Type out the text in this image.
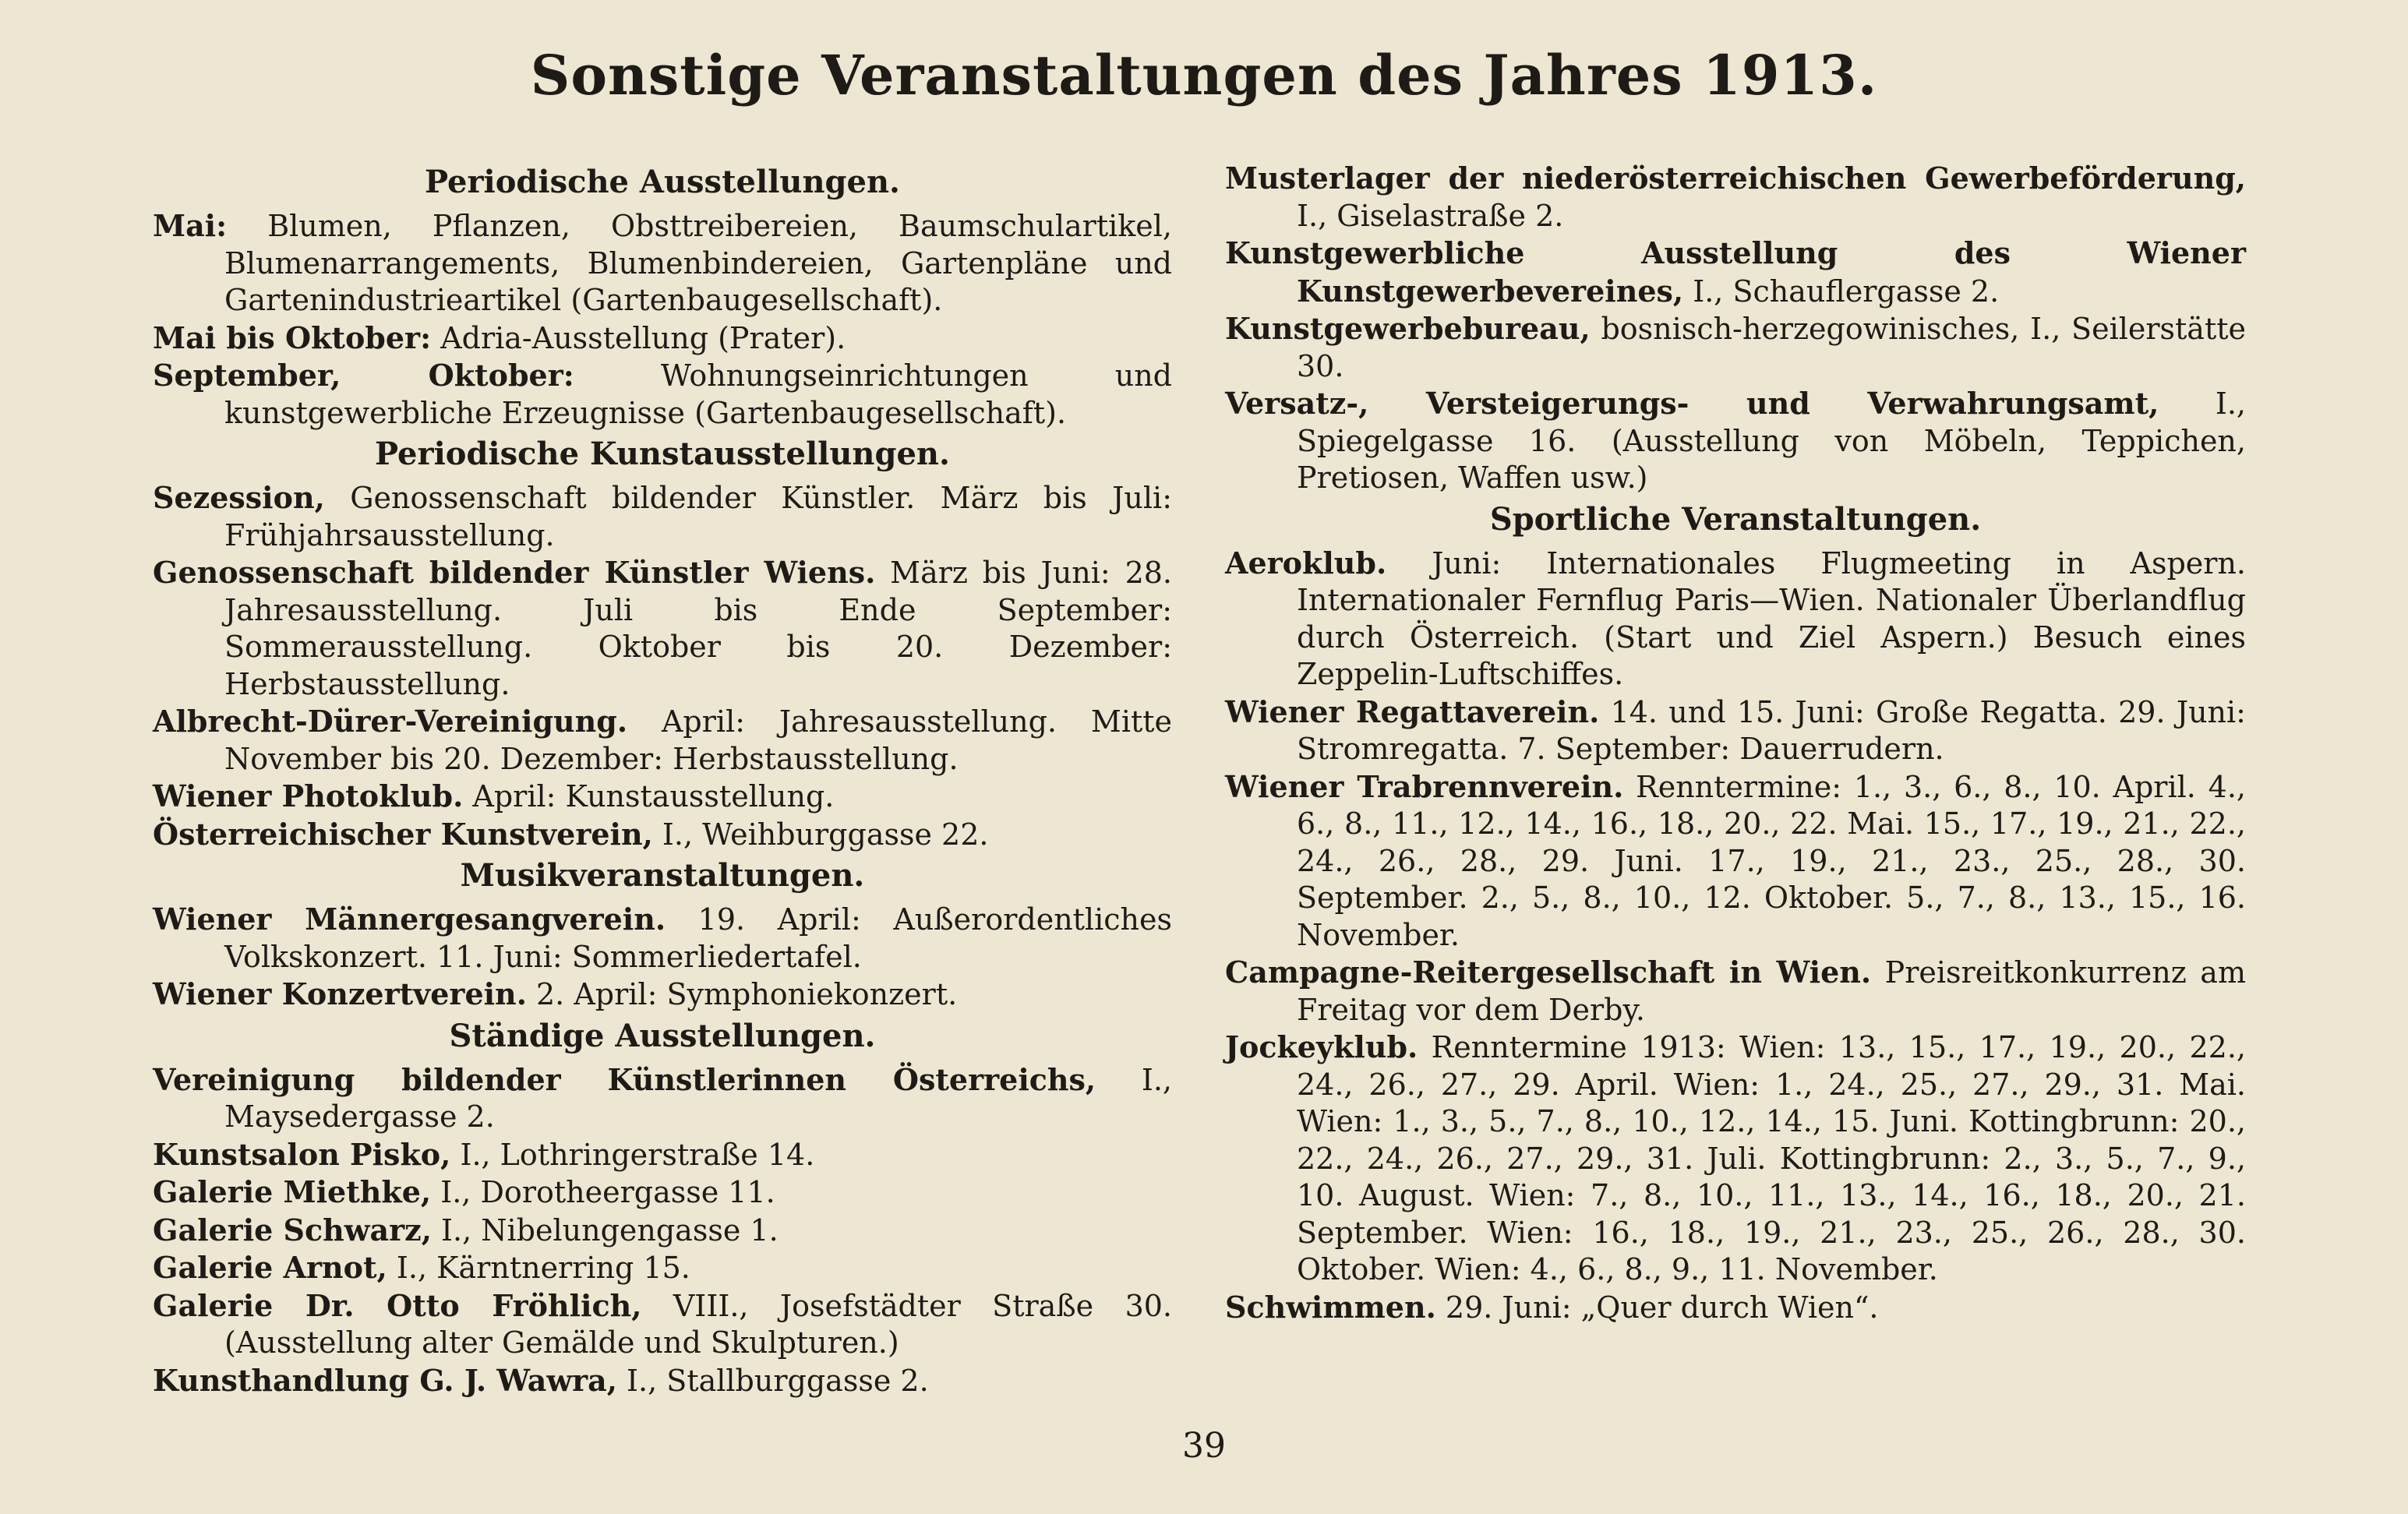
Sonstige Veranstaltungen des Jahres 1913.
Periodische Ausstellungen.

Mai: Blumen, Pflanzen, Obsttreibereien, Baumschulartikel, Blumenarrangements, Blumenbindereien, Gartenpläne und Gartenindustrieartikel (Gartenbaugesellschaft).

Mai bis Oktober: Adria-Ausstellung (Prater).

September, Oktober: Wohnungseinrichtungen und kunstgewerbliche Erzeugnisse (Gartenbaugesellschaft).

Periodische Kunstausstellungen.

Sezession, Genossenschaft bildender Künstler. März bis Juli: Frühjahrsausstellung.

Genossenschaft bildender Künstler Wiens. März bis Juni: 28. Jahresausstellung. Juli bis Ende September: Sommerausstellung. Oktober bis 20. Dezember: Herbstausstellung.

Albrecht-Dürer-Vereinigung. April: Jahresausstellung. Mitte November bis 20. Dezember: Herbstausstellung.

Wiener Photoklub. April: Kunstausstellung.

Österreichischer Kunstverein, I., Weihburggasse 22.

Musikveranstaltungen.

Wiener Männergesangverein. 19. April: Außerordentliches Volkskonzert. 11. Juni: Sommerliedertafel.

Wiener Konzertverein. 2. April: Symphoniekonzert.

Ständige Ausstellungen.

Vereinigung bildender Künstlerinnen Österreichs, I., Maysedergasse 2.

Kunstsalon Pisko, I., Lothringerstraße 14.

Galerie Miethke, I., Dorotheergasse 11.

Galerie Schwarz, I., Nibelungengasse 1.

Galerie Arnot, I., Kärntnerring 15.

Galerie Dr. Otto Fröhlich, VIII., Josefstädter Straße 30. (Ausstellung alter Gemälde und Skulpturen.)

Kunsthandlung G. J. Wawra, I., Stallburggasse 2.

Musterlager der niederösterreichischen Gewerbeförderung, I., Giselastraße 2.

Kunstgewerbliche Ausstellung des Wiener Kunstgewerbevereines, I., Schauflergasse 2.

Kunstgewerbebureau, bosnisch-herzegowinisches, I., Seilerstätte 30.

Versatz-, Versteigerungs- und Verwahrungsamt, I., Spiegelgasse 16. (Ausstellung von Möbeln, Teppichen, Pretiosen, Waffen usw.)

Sportliche Veranstaltungen.

Aeroklub. Juni: Internationales Flugmeeting in Aspern. Internationaler Fernflug Paris—Wien. Nationaler Überlandflug durch Österreich. (Start und Ziel Aspern.) Besuch eines Zeppelin-Luftschiffes.

Wiener Regattaverein. 14. und 15. Juni: Große Regatta. 29. Juni: Stromregatta. 7. September: Dauerrudern.

Wiener Trabrennverein. Renntermine: 1., 3., 6., 8., 10. April. 4., 6., 8., 11., 12., 14., 16., 18., 20., 22. Mai. 15., 17., 19., 21., 22., 24., 26., 28., 29. Juni. 17., 19., 21., 23., 25., 28., 30. September. 2., 5., 8., 10., 12. Oktober. 5., 7., 8., 13., 15., 16. November.

Campagne-Reitergesellschaft in Wien. Preisreitkonkurrenz am Freitag vor dem Derby.

Jockeyklub. Renntermine 1913: Wien: 13., 15., 17., 19., 20., 22., 24., 26., 27., 29. April. Wien: 1., 24., 25., 27., 29., 31. Mai. Wien: 1., 3., 5., 7., 8., 10., 12., 14., 15. Juni. Kottingbrunn: 20., 22., 24., 26., 27., 29., 31. Juli. Kottingbrunn: 2., 3., 5., 7., 9., 10. August. Wien: 7., 8., 10., 11., 13., 14., 16., 18., 20., 21. September. Wien: 16., 18., 19., 21., 23., 25., 26., 28., 30. Oktober. Wien: 4., 6., 8., 9., 11. November.

Schwimmen. 29. Juni: „Quer durch Wien“.

39
